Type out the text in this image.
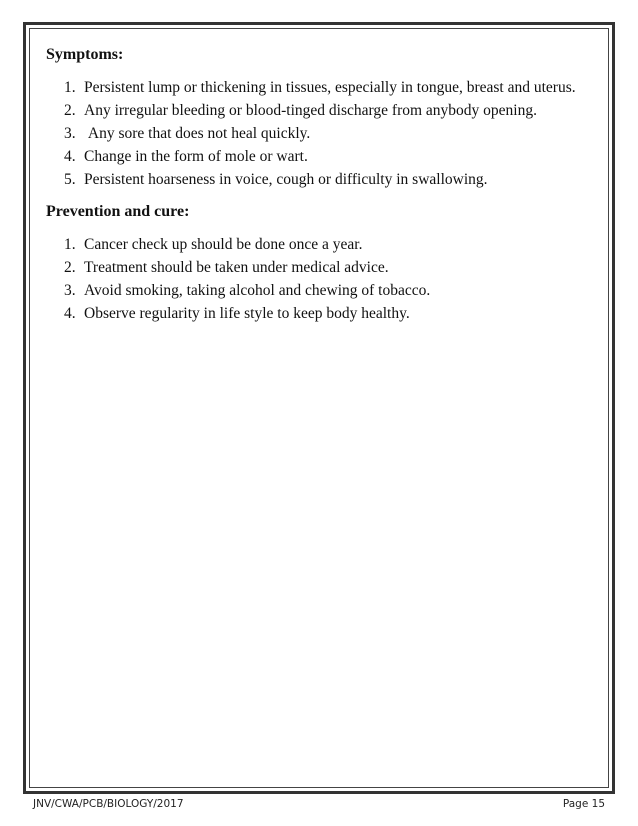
Symptoms:
1. Persistent lump or thickening in tissues, especially in tongue, breast and uterus.
2. Any irregular bleeding or blood-tinged discharge from anybody opening.
3. Any sore that does not heal quickly.
4. Change in the form of mole or wart.
5. Persistent hoarseness in voice, cough or difficulty in swallowing.
Prevention and cure:
1. Cancer check up should be done once a year.
2. Treatment should be taken under medical advice.
3. Avoid smoking, taking alcohol and chewing of tobacco.
4. Observe regularity in life style to keep body healthy.
JNV/CWA/PCB/BIOLOGY/2017	Page 15
